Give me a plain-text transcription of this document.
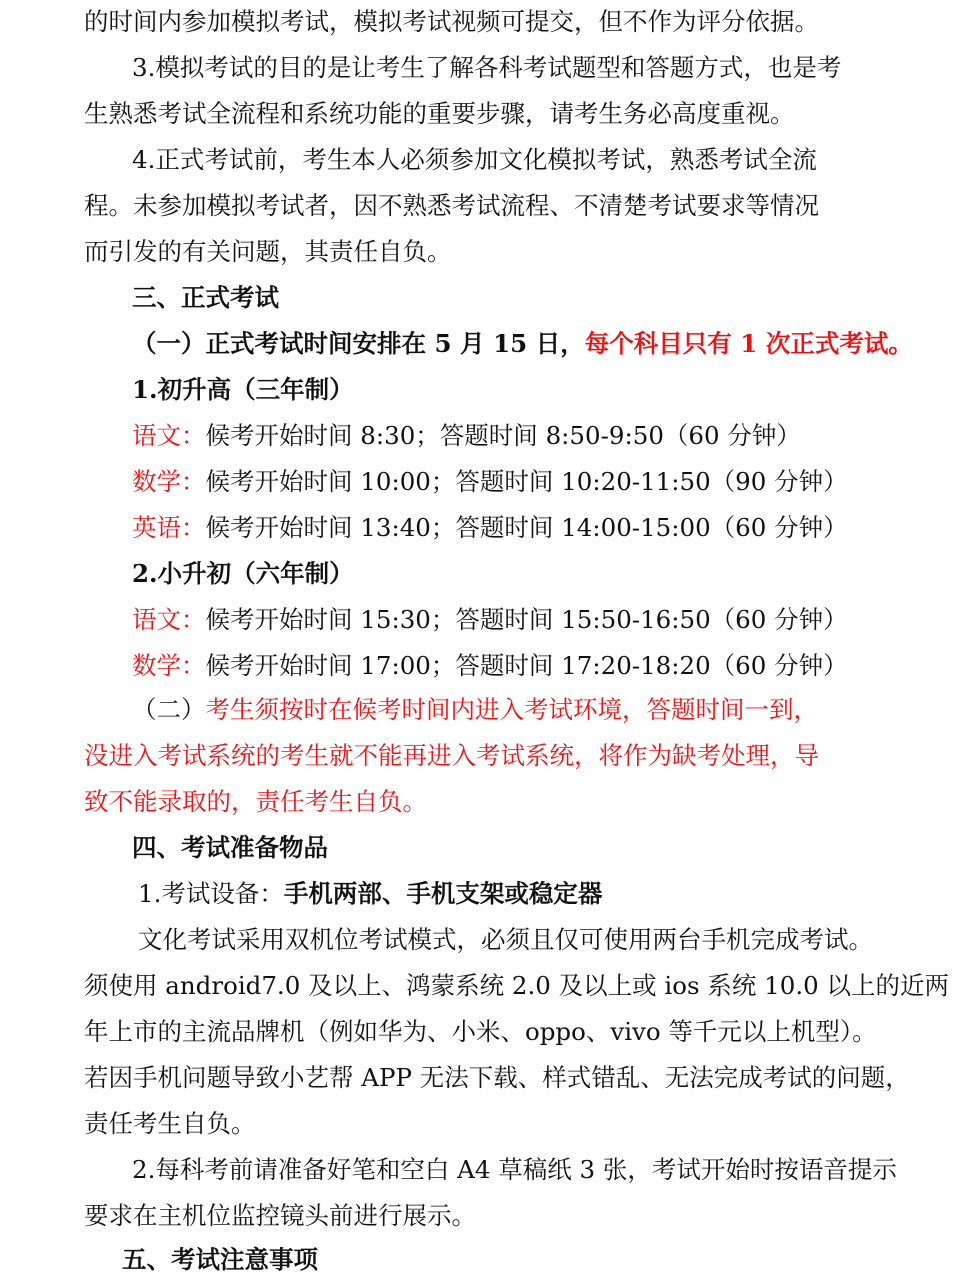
的时间内参加模拟考试，模拟考试视频可提交，但不作为评分依据。
3.模拟考试的目的是让考生了解各科考试题型和答题方式，也是考
生熟悉考试全流程和系统功能的重要步骤，请考生务必高度重视。
4.正式考试前，考生本人必须参加文化模拟考试，熟悉考试全流
程。未参加模拟考试者，因不熟悉考试流程、不清楚考试要求等情况
而引发的有关问题，其责任自负。
三、正式考试
（一）正式考试时间安排在 5 月 15 日，每个科目只有 1 次正式考试。
1.初升高（三年制）
语文：候考开始时间 8:30；答题时间 8:50-9:50（60 分钟）
数学：候考开始时间 10:00；答题时间 10:20-11:50（90 分钟）
英语：候考开始时间 13:40；答题时间 14:00-15:00（60 分钟）
2.小升初（六年制）
语文：候考开始时间 15:30；答题时间 15:50-16:50（60 分钟）
数学：候考开始时间 17:00；答题时间 17:20-18:20（60 分钟）
（二）考生须按时在候考时间内进入考试环境，答题时间一到，
没进入考试系统的考生就不能再进入考试系统，将作为缺考处理，导
致不能录取的，责任考生自负。
四、考试准备物品
1.考试设备：手机两部、手机支架或稳定器
文化考试采用双机位考试模式，必须且仅可使用两台手机完成考试。
须使用 android7.0 及以上、鸿蒙系统 2.0 及以上或 ios 系统 10.0 以上的近两
年上市的主流品牌机（例如华为、小米、oppo、vivo 等千元以上机型）。
若因手机问题导致小艺帮 APP 无法下载、样式错乱、无法完成考试的问题，
责任考生自负。
2.每科考前请准备好笔和空白 A4 草稿纸 3 张，考试开始时按语音提示
要求在主机位监控镜头前进行展示。
五、考试注意事项
